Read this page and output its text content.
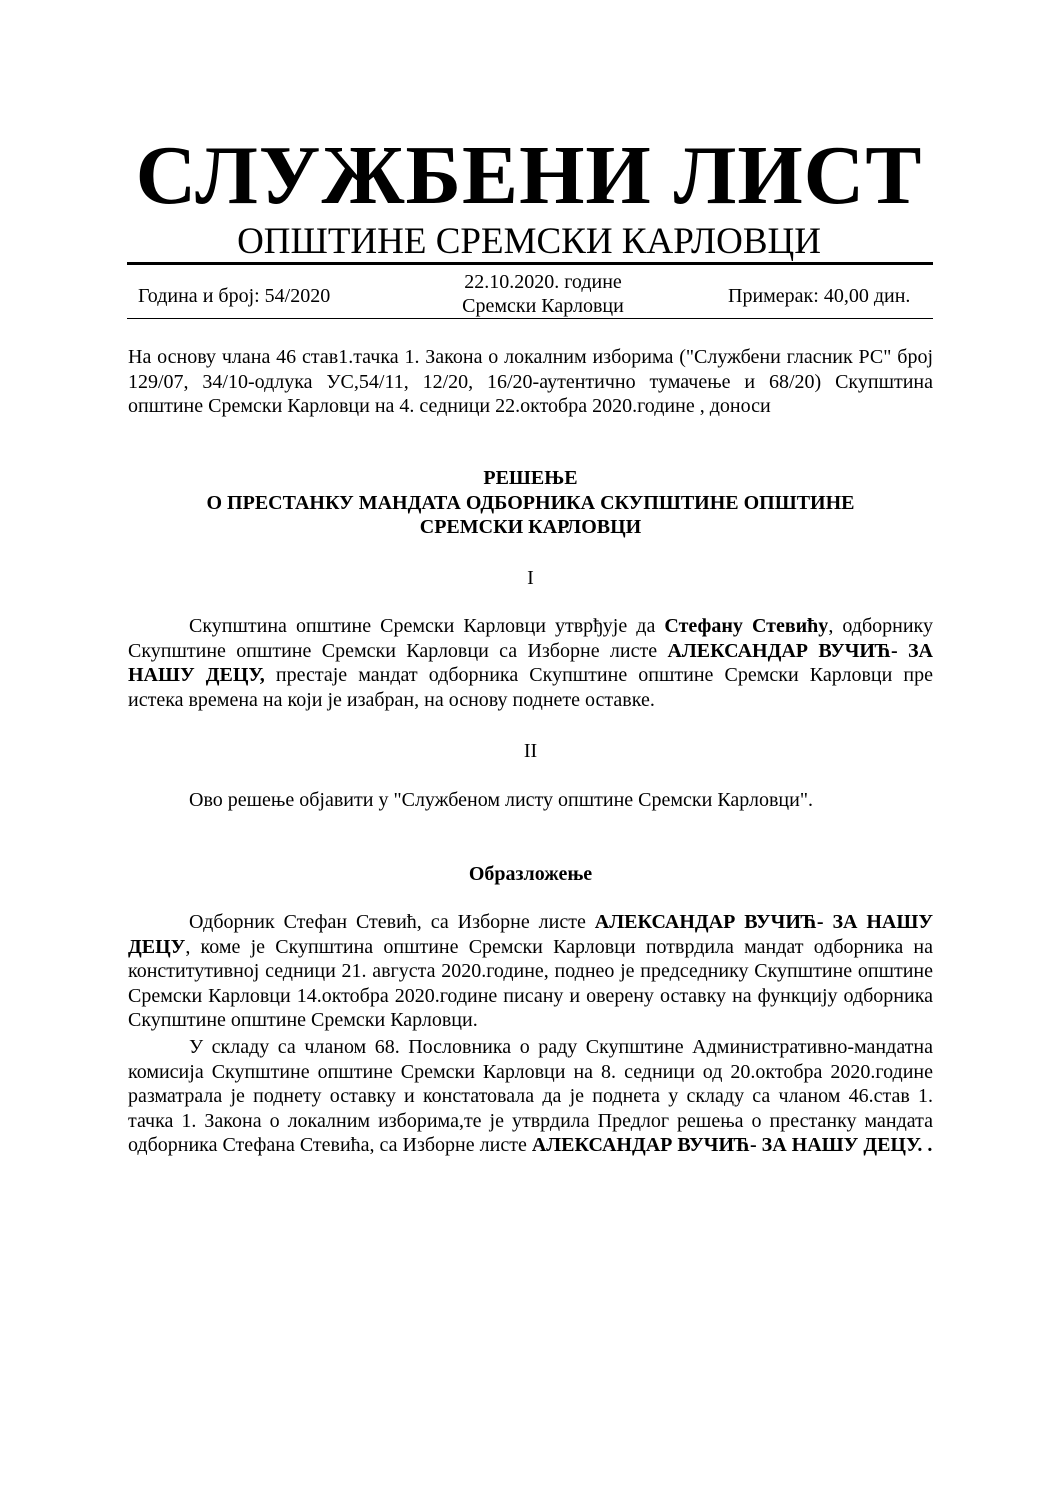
СЛУЖБЕНИ ЛИСТ
ОПШТИНЕ СРЕМСКИ КАРЛОВЦИ
Година и број: 54/2020
22.10.2020. године
Сремски Карловци	Примерак: 40,00 дин.
На основу члана 46 став1.тачка 1. Закона о локалним изборима ("Службени гласник РС" број 129/07, 34/10-одлука УС,54/11, 12/20, 16/20-аутентично тумачење и 68/20) Скупштина општине Сремски Карловци на 4. седници 22.октобра 2020.године , доноси
РЕШЕЊЕ
О ПРЕСТАНКУ МАНДАТА ОДБОРНИКА СКУПШТИНЕ ОПШТИНЕ
СРЕМСКИ КАРЛОВЦИ
I
Скупштина општине Сремски Карловци утврђује да Стефану Стевићу, одборнику Скупштине општине Сремски Карловци са Изборне листе АЛЕКСАНДАР ВУЧИЋ- ЗА НАШУ ДЕЦУ, престаје мандат одборника Скупштине општине Сремски Карловци пре истека времена на који је изабран, на основу поднете оставке.
II
Ово решење објавити у "Службеном листу општине Сремски Карловци".
Образложење
Одборник Стефан Стевић, са Изборне листе АЛЕКСАНДАР ВУЧИЋ- ЗА НАШУ ДЕЦУ, коме је Скупштина општине Сремски Карловци потврдила мандат одборника на конститутивној седници 21. августа 2020.године, поднео је председнику Скупштине општине Сремски Карловци 14.октобра 2020.године писану и оверену оставку на функцију одборника Скупштине општине Сремски Карловци.
У складу са чланом 68. Пословника о раду Скупштине Административно-мандатна комисија Скупштине општине Сремски Карловци на 8. седници од 20.октобра 2020.године разматрала је поднету оставку и констатовала да је поднета у складу са чланом 46.став 1. тачка 1. Закона о локалним изборима,те је утврдила Предлог решења о престанку мандата одборника Стефана Стевића, са Изборне листе АЛЕКСАНДАР ВУЧИЋ- ЗА НАШУ ДЕЦУ. .
